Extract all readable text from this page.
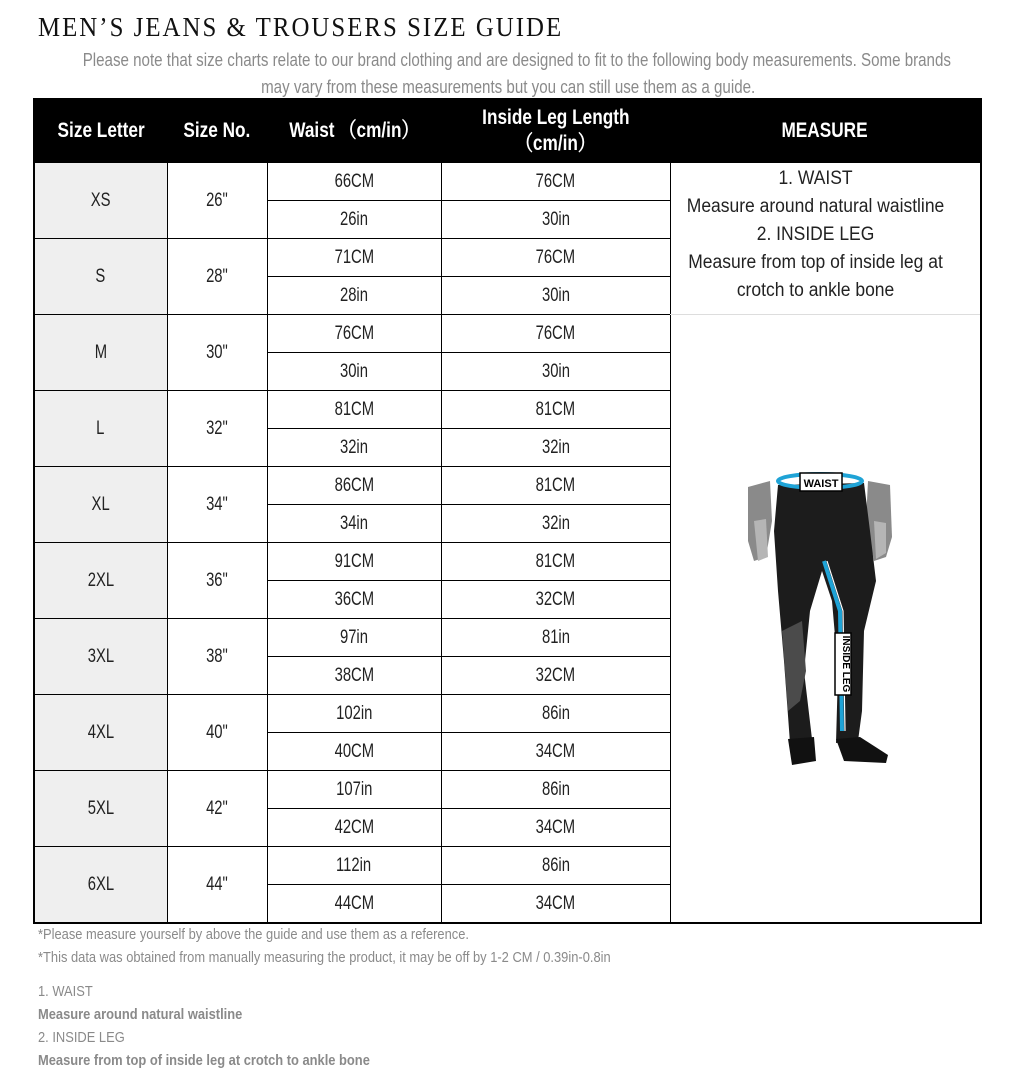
MEN’S JEANS & TROUSERS SIZE GUIDE
Please note that size charts relate to our brand clothing and are designed to fit to the following body measurements. Some brands
may vary from these measurements but you can still use them as a guide.
Size Letter	Size No.	Waist （cm/in）	Inside Leg Length
（cm/in）	MEASURE
XS	26"	66CM	76CM	1. WAIST
Measure around natural waistline
2. INSIDE LEG
Measure from top of inside leg at
crotch to ankle bone

		26in	30in	
S	28"	71CM	76CM	
		28in	30in	
M	30"	76CM	76CM	WAIST
INSIDE LEG

		30in	30in	
L	32"	81CM	81CM	
		32in	32in	
XL	34"	86CM	81CM	
		34in	32in	
2XL	36"	91CM	81CM	
		36CM	32CM	
3XL	38"	97in	81in	
		38CM	32CM	
4XL	40"	102in	86in	
		40CM	34CM	
5XL	42"	107in	86in	
		42CM	34CM	
6XL	44"	112in	86in	
		44CM	34CM	
*Please measure yourself by above the guide and use them as a reference.
*This data was obtained from manually measuring the product, it may be off by 1-2 CM / 0.39in-0.8in
1. WAIST
Measure around natural waistline
2. INSIDE LEG
Measure from top of inside leg at crotch to ankle bone
